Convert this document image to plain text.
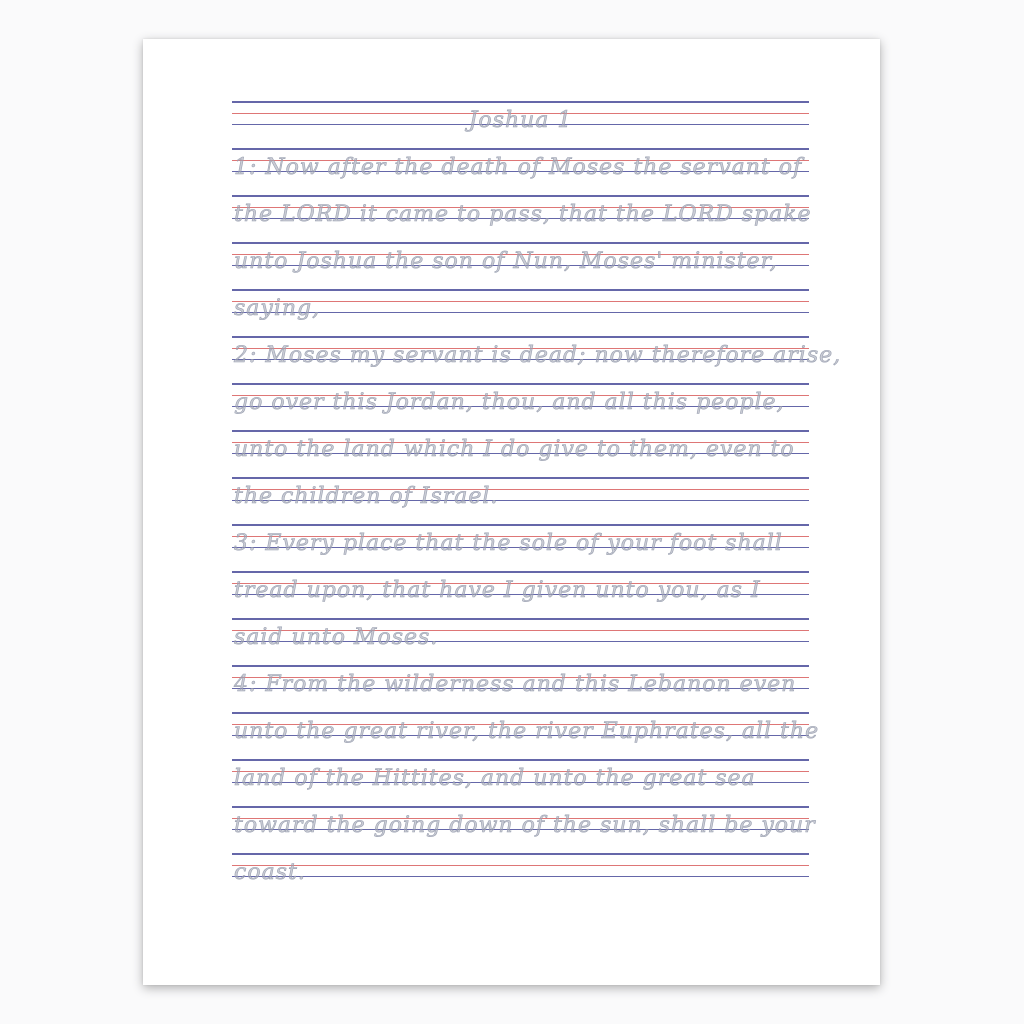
Joshua 1
1: Now after the death of Moses the servant of
the LORD it came to pass, that the LORD spake
unto Joshua the son of Nun, Moses' minister,
saying,
2: Moses my servant is dead; now therefore arise,
go over this Jordan, thou, and all this people,
unto the land which I do give to them, even to
the children of Israel.
3: Every place that the sole of your foot shall
tread upon, that have I given unto you, as I
said unto Moses.
4: From the wilderness and this Lebanon even
unto the great river, the river Euphrates, all the
land of the Hittites, and unto the great sea
toward the going down of the sun, shall be your
coast.
